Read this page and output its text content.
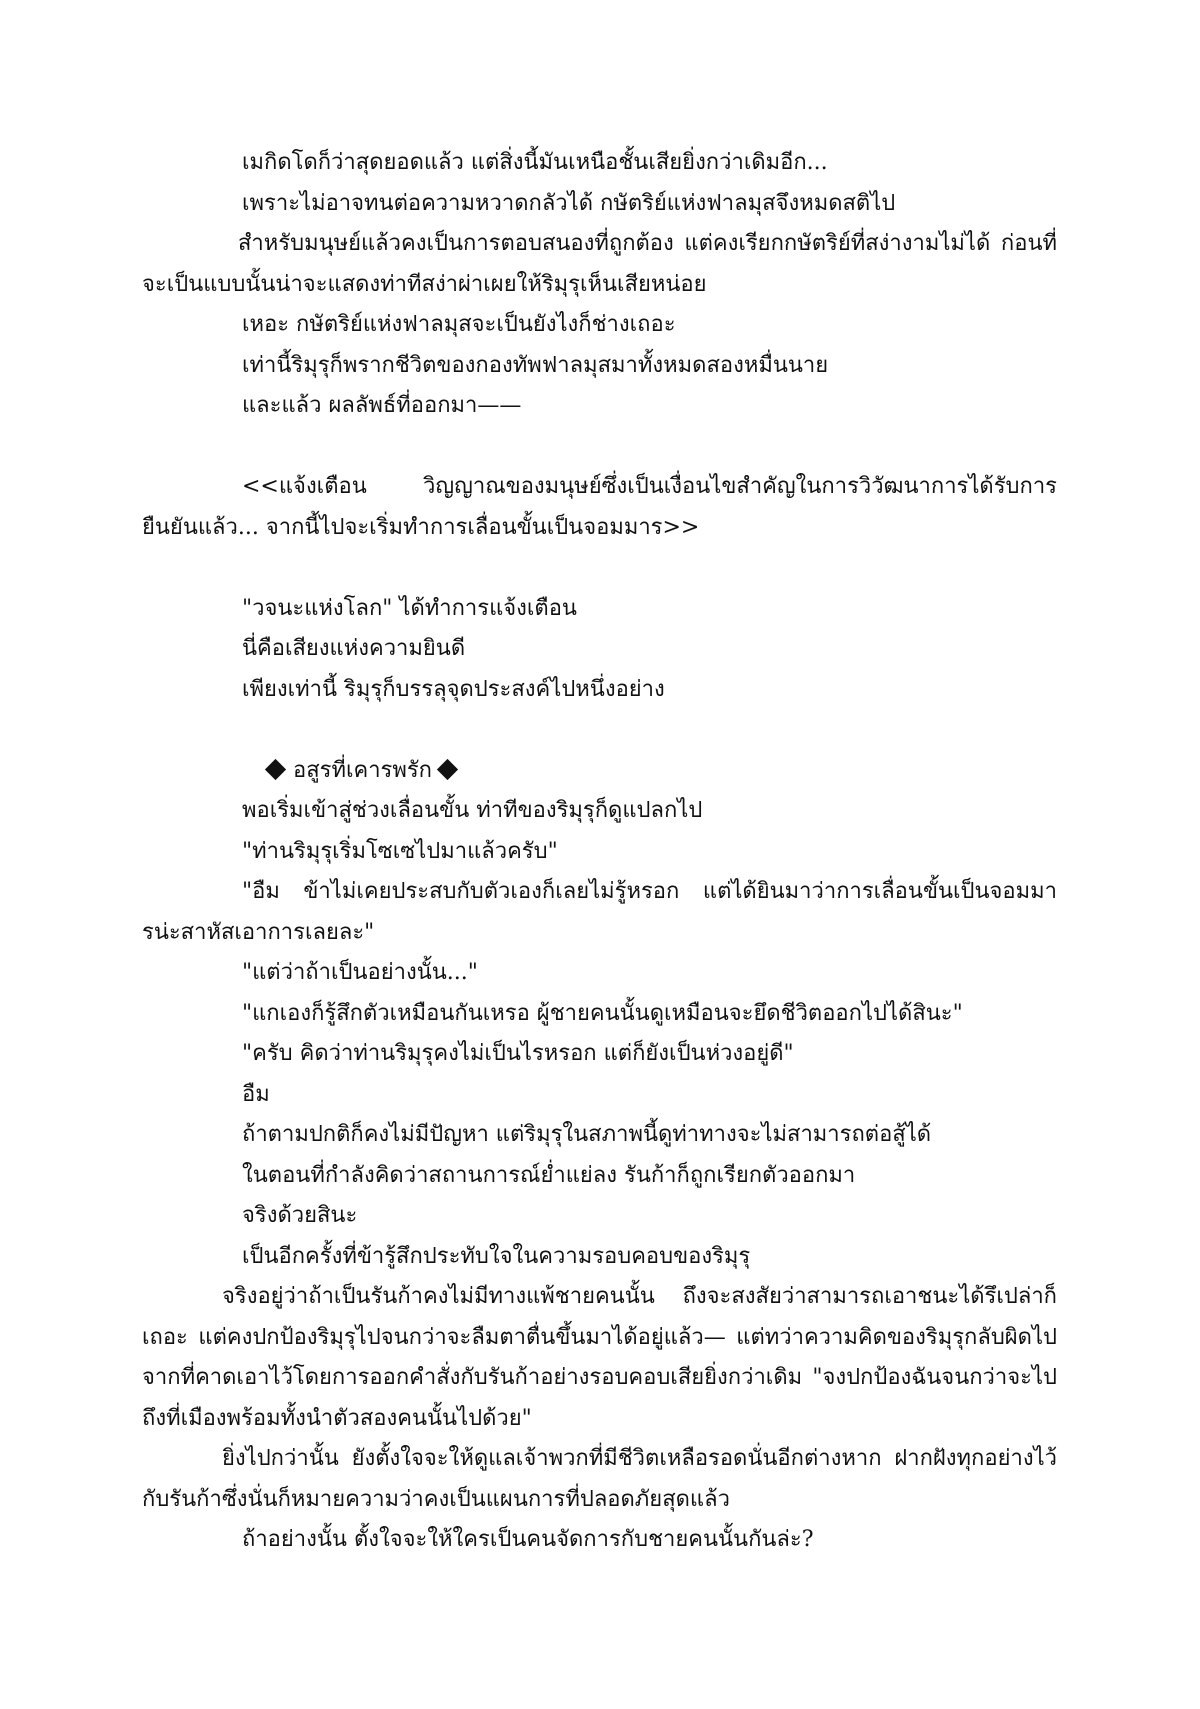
เมกิดโดก็ว่าสุดยอดแล้ว แต่สิ่งนี้มันเหนือชั้นเสียยิ่งกว่าเดิมอีก...

เพราะไม่อาจทนต่อความหวาดกลัวได้ กษัตริย์แห่งฟาลมุสจึงหมดสติไป

สำหรับมนุษย์แล้วคงเป็นการตอบสนองที่ถูกต้อง แต่คงเรียกกษัตริย์ที่สง่างามไม่ได้ ก่อนที่จะเป็นแบบนั้นน่าจะแสดงท่าทีสง่าผ่าเผยให้ริมุรุเห็นเสียหน่อย

เหอะ กษัตริย์แห่งฟาลมุสจะเป็นยังไงก็ช่างเถอะ

เท่านี้ริมุรุก็พรากชีวิตของกองทัพฟาลมุสมาทั้งหมดสองหมื่นนาย

และแล้ว ผลลัพธ์ที่ออกมา——

<<แจ้งเตือน วิญญาณของมนุษย์ซึ่งเป็นเงื่อนไขสำคัญในการวิวัฒนาการได้รับการยืนยันแล้ว... จากนี้ไปจะเริ่มทำการเลื่อนขั้นเป็นจอมมาร>>

"วจนะแห่งโลก" ได้ทำการแจ้งเตือน

นี่คือเสียงแห่งความยินดี

เพียงเท่านี้ ริมุรุก็บรรลุจุดประสงค์ไปหนึ่งอย่าง

อสูรที่เคารพรัก

พอเริ่มเข้าสู่ช่วงเลื่อนขั้น ท่าทีของริมุรุก็ดูแปลกไป

"ท่านริมุรุเริ่มโซเซไปมาแล้วครับ"

"อืม ข้าไม่เคยประสบกับตัวเองก็เลยไม่รู้หรอก แต่ได้ยินมาว่าการเลื่อนขั้นเป็นจอมมารน่ะสาหัสเอาการเลยละ"

"แต่ว่าถ้าเป็นอย่างนั้น..."

"แกเองก็รู้สึกตัวเหมือนกันเหรอ ผู้ชายคนนั้นดูเหมือนจะยึดชีวิตออกไปได้สินะ"

"ครับ คิดว่าท่านริมุรุคงไม่เป็นไรหรอก แต่ก็ยังเป็นห่วงอยู่ดี"

อืม

ถ้าตามปกติก็คงไม่มีปัญหา แต่ริมุรุในสภาพนี้ดูท่าทางจะไม่สามารถต่อสู้ได้

ในตอนที่กำลังคิดว่าสถานการณ์ย่ำแย่ลง รันก้าก็ถูกเรียกตัวออกมา

จริงด้วยสินะ

เป็นอีกครั้งที่ข้ารู้สึกประทับใจในความรอบคอบของริมุรุ

จริงอยู่ว่าถ้าเป็นรันก้าคงไม่มีทางแพ้ชายคนนั้น ถึงจะสงสัยว่าสามารถเอาชนะได้รึเปล่าก็เถอะ แต่คงปกป้องริมุรุไปจนกว่าจะลืมตาตื่นขึ้นมาได้อยู่แล้ว— แต่ทว่าความคิดของริมุรุกลับผิดไปจากที่คาดเอาไว้โดยการออกคำสั่งกับรันก้าอย่างรอบคอบเสียยิ่งกว่าเดิม "จงปกป้องฉันจนกว่าจะไปถึงที่เมืองพร้อมทั้งนำตัวสองคนนั้นไปด้วย"

ยิ่งไปกว่านั้น ยังตั้งใจจะให้ดูแลเจ้าพวกที่มีชีวิตเหลือรอดนั่นอีกต่างหาก ฝากฝังทุกอย่างไว้กับรันก้าซึ่งนั่นก็หมายความว่าคงเป็นแผนการที่ปลอดภัยสุดแล้ว

ถ้าอย่างนั้น ตั้งใจจะให้ใครเป็นคนจัดการกับชายคนนั้นกันล่ะ?
